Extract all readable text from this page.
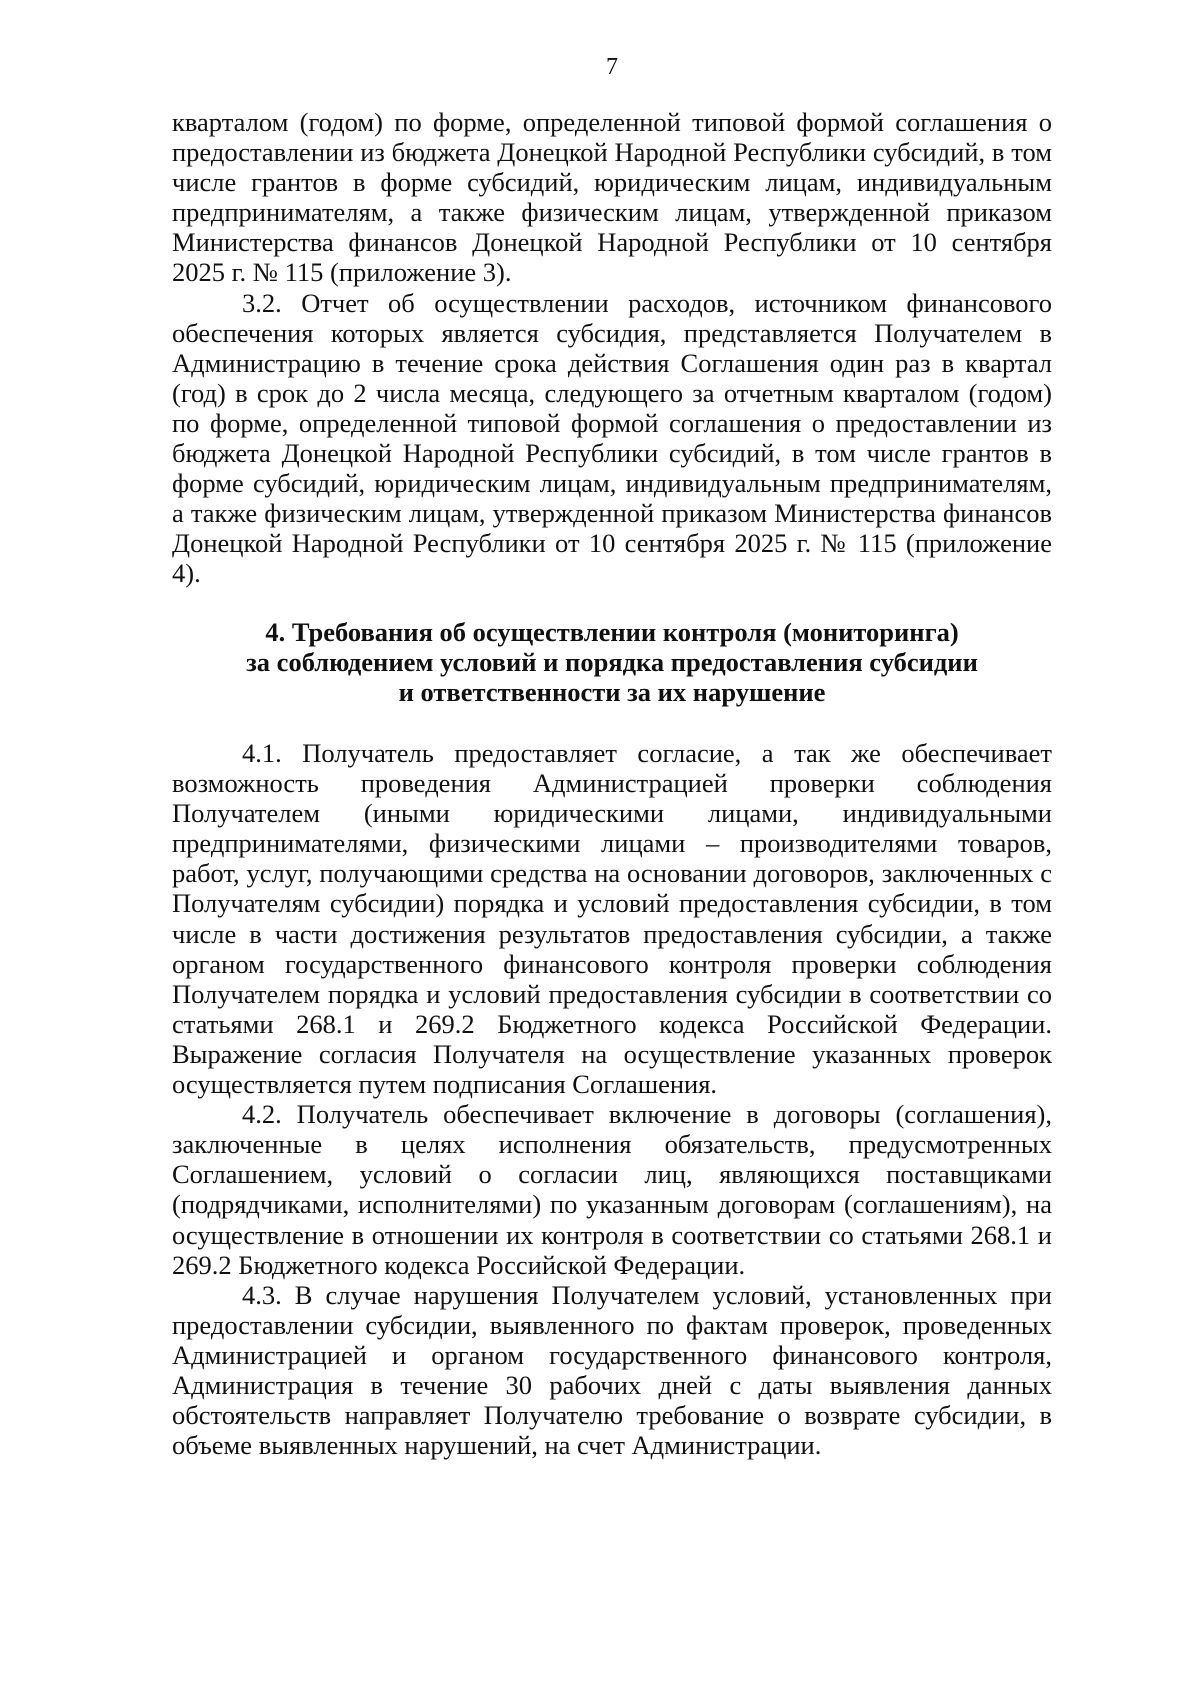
7

кварталом (годом) по форме, определенной типовой формой соглашения о предоставлении из бюджета Донецкой Народной Республики субсидий, в том числе грантов в форме субсидий, юридическим лицам, индивидуальным предпринимателям, а также физическим лицам, утвержденной приказом Министерства финансов Донецкой Народной Республики от 10 сентября 2025 г. № 115 (приложение 3).

3.2. Отчет об осуществлении расходов, источником финансового обеспечения которых является субсидия, представляется Получателем в Администрацию в течение срока действия Соглашения один раз в квартал (год) в срок до 2 числа месяца, следующего за отчетным кварталом (годом) по форме, определенной типовой формой соглашения о предоставлении из бюджета Донецкой Народной Республики субсидий, в том числе грантов в форме субсидий, юридическим лицам, индивидуальным предпринимателям, а также физическим лицам, утвержденной приказом Министерства финансов Донецкой Народной Республики от 10 сентября 2025 г. № 115 (приложение 4).

4. Требования об осуществлении контроля (мониторинга)
за соблюдением условий и порядка предоставления субсидии
и ответственности за их нарушение

4.1. Получатель предоставляет согласие, а так же обеспечивает возможность проведения Администрацией проверки соблюдения Получателем (иными юридическими лицами, индивидуальными предпринимателями, физическими лицами – производителями товаров, работ, услуг, получающими средства на основании договоров, заключенных с Получателям субсидии) порядка и условий предоставления субсидии, в том числе в части достижения результатов предоставления субсидии, а также органом государственного финансового контроля проверки соблюдения Получателем порядка и условий предоставления субсидии в соответствии со статьями 268.1 и 269.2 Бюджетного кодекса Российской Федерации. Выражение согласия Получателя на осуществление указанных проверок осуществляется путем подписания Соглашения.

4.2. Получатель обеспечивает включение в договоры (соглашения), заключенные в целях исполнения обязательств, предусмотренных Соглашением, условий о согласии лиц, являющихся поставщиками (подрядчиками, исполнителями) по указанным договорам (соглашениям), на осуществление в отношении их контроля в соответствии со статьями 268.1 и 269.2 Бюджетного кодекса Российской Федерации.

4.3. В случае нарушения Получателем условий, установленных при предоставлении субсидии, выявленного по фактам проверок, проведенных Администрацией и органом государственного финансового контроля, Администрация в течение 30 рабочих дней с даты выявления данных обстоятельств направляет Получателю требование о возврате субсидии, в объеме выявленных нарушений, на счет Администрации.
